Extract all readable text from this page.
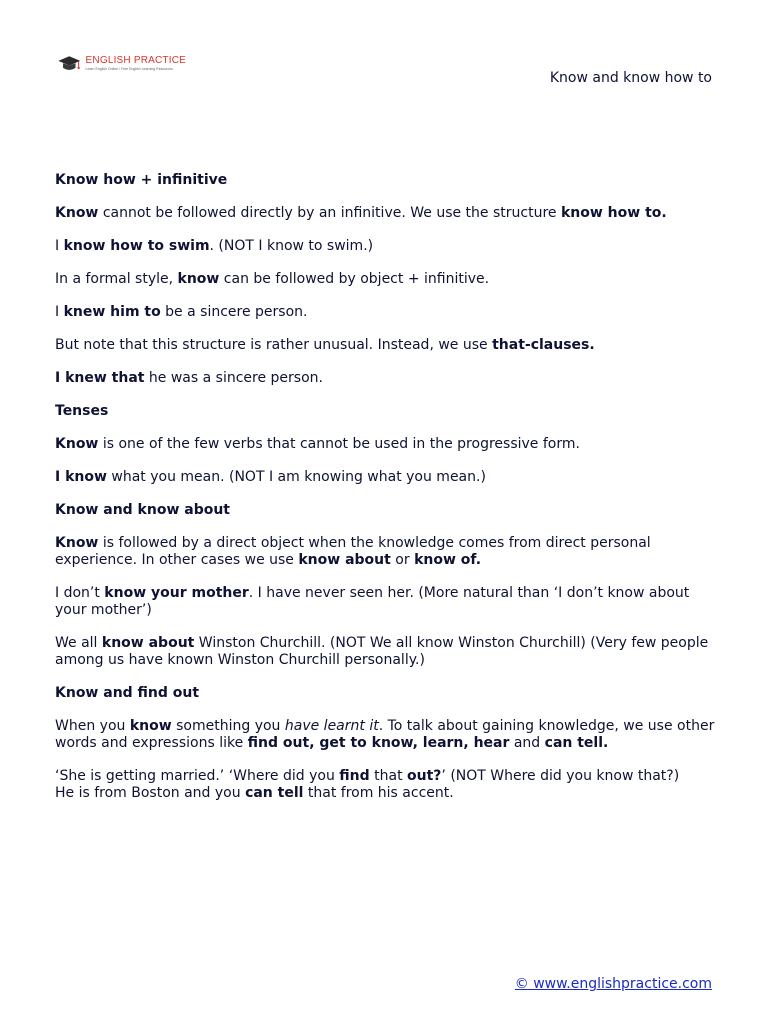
ENGLISH PRACTICE
Learn English Online / Free English Learning Resources
Know and know how to
Know how + infinitive

Know cannot be followed directly by an infinitive. We use the structure know how to.

I know how to swim. (NOT I know to swim.)

In a formal style, know can be followed by object + infinitive.

I knew him to be a sincere person.

But note that this structure is rather unusual. Instead, we use that-clauses.

I knew that he was a sincere person.

Tenses

Know is one of the few verbs that cannot be used in the progressive form.

I know what you mean. (NOT I am knowing what you mean.)

Know and know about

Know is followed by a direct object when the knowledge comes from direct personal experience. In other cases we use know about or know of.

I don’t know your mother. I have never seen her. (More natural than ‘I don’t know about your mother’)

We all know about Winston Churchill. (NOT We all know Winston Churchill) (Very few people among us have known Winston Churchill personally.)

Know and find out

When you know something you have learnt it. To talk about gaining knowledge, we use other words and expressions like find out, get to know, learn, hear and can tell.

‘She is getting married.’ ‘Where did you find that out?’ (NOT Where did you know that?)

He is from Boston and you can tell that from his accent.

© www.englishpractice.com
